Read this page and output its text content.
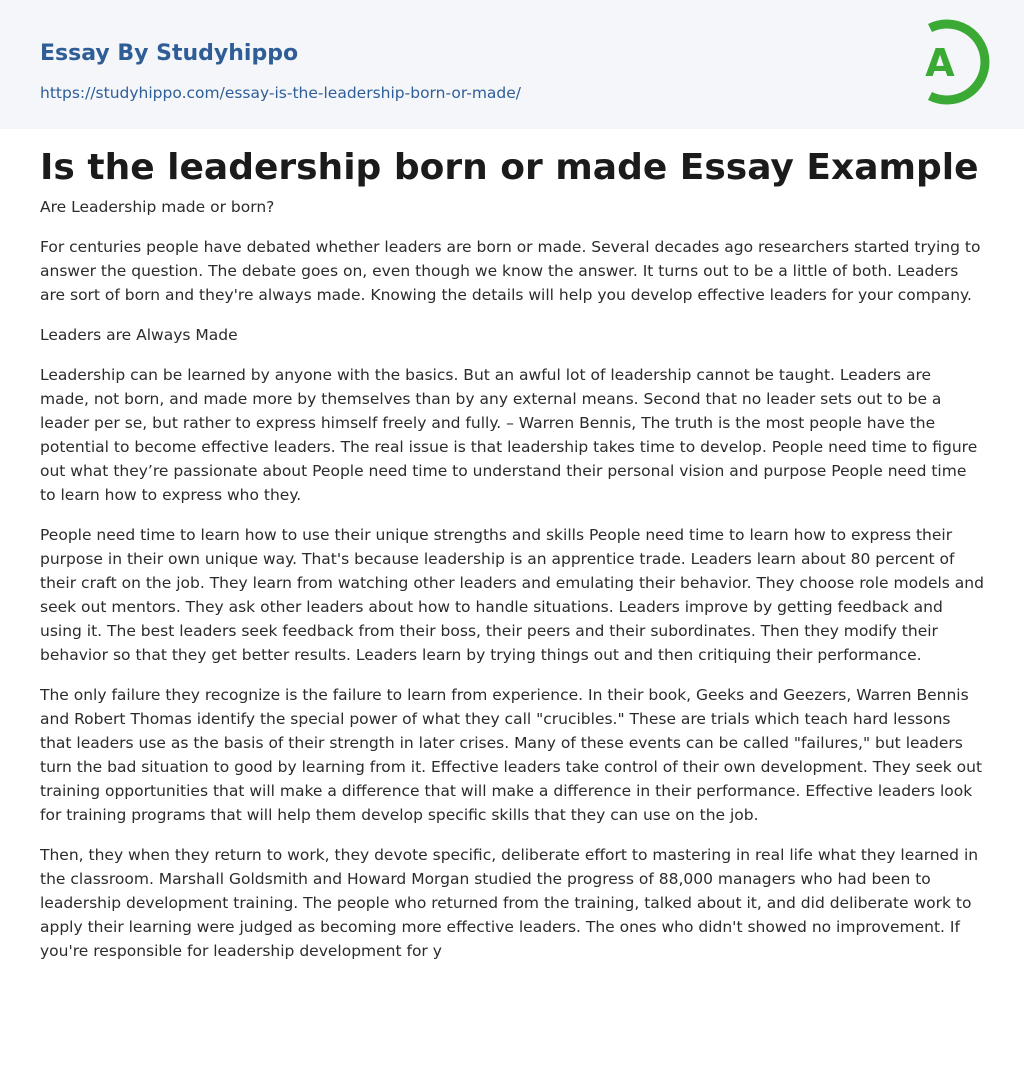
Essay By Studyhippo
https://studyhippo.com/essay-is-the-leadership-born-or-made/
A
Is the leadership born or made Essay Example

Are Leadership made or born?

For centuries people have debated whether leaders are born or made. Several decades ago researchers started trying to answer the question. The debate goes on, even though we know the answer. It turns out to be a little of both. Leaders are sort of born and they're always made. Knowing the details will help you develop effective leaders for your company.

Leaders are Always Made

Leadership can be learned by anyone with the basics. But an awful lot of leadership cannot be taught. Leaders are made, not born, and made more by themselves than by any external means. Second that no leader sets out to be a leader per se, but rather to express himself freely and fully. – Warren Bennis, The truth is the most people have the potential to become effective leaders. The real issue is that leadership takes time to develop. People need time to figure out what they’re passionate about People need time to understand their personal vision and purpose People need time to learn how to express who they.

People need time to learn how to use their unique strengths and skills People need time to learn how to express their purpose in their own unique way. That's because leadership is an apprentice trade. Leaders learn about 80 percent of their craft on the job. They learn from watching other leaders and emulating their behavior. They choose role models and seek out mentors. They ask other leaders about how to handle situations. Leaders improve by getting feedback and using it. The best leaders seek feedback from their boss, their peers and their subordinates. Then they modify their behavior so that they get better results. Leaders learn by trying things out and then critiquing their performance.

The only failure they recognize is the failure to learn from experience. In their book, Geeks and Geezers, Warren Bennis and Robert Thomas identify the special power of what they call "crucibles." These are trials which teach hard lessons that leaders use as the basis of their strength in later crises. Many of these events can be called "failures," but leaders turn the bad situation to good by learning from it. Effective leaders take control of their own development. They seek out training opportunities that will make a difference that will make a difference in their performance. Effective leaders look for training programs that will help them develop specific skills that they can use on the job.

Then, they when they return to work, they devote specific, deliberate effort to mastering in real life what they learned in the classroom. Marshall Goldsmith and Howard Morgan studied the progress of 88,000 managers who had been to leadership development training. The people who returned from the training, talked about it, and did deliberate work to apply their learning were judged as becoming more effective leaders. The ones who didn't showed no improvement. If you're responsible for leadership development for y
